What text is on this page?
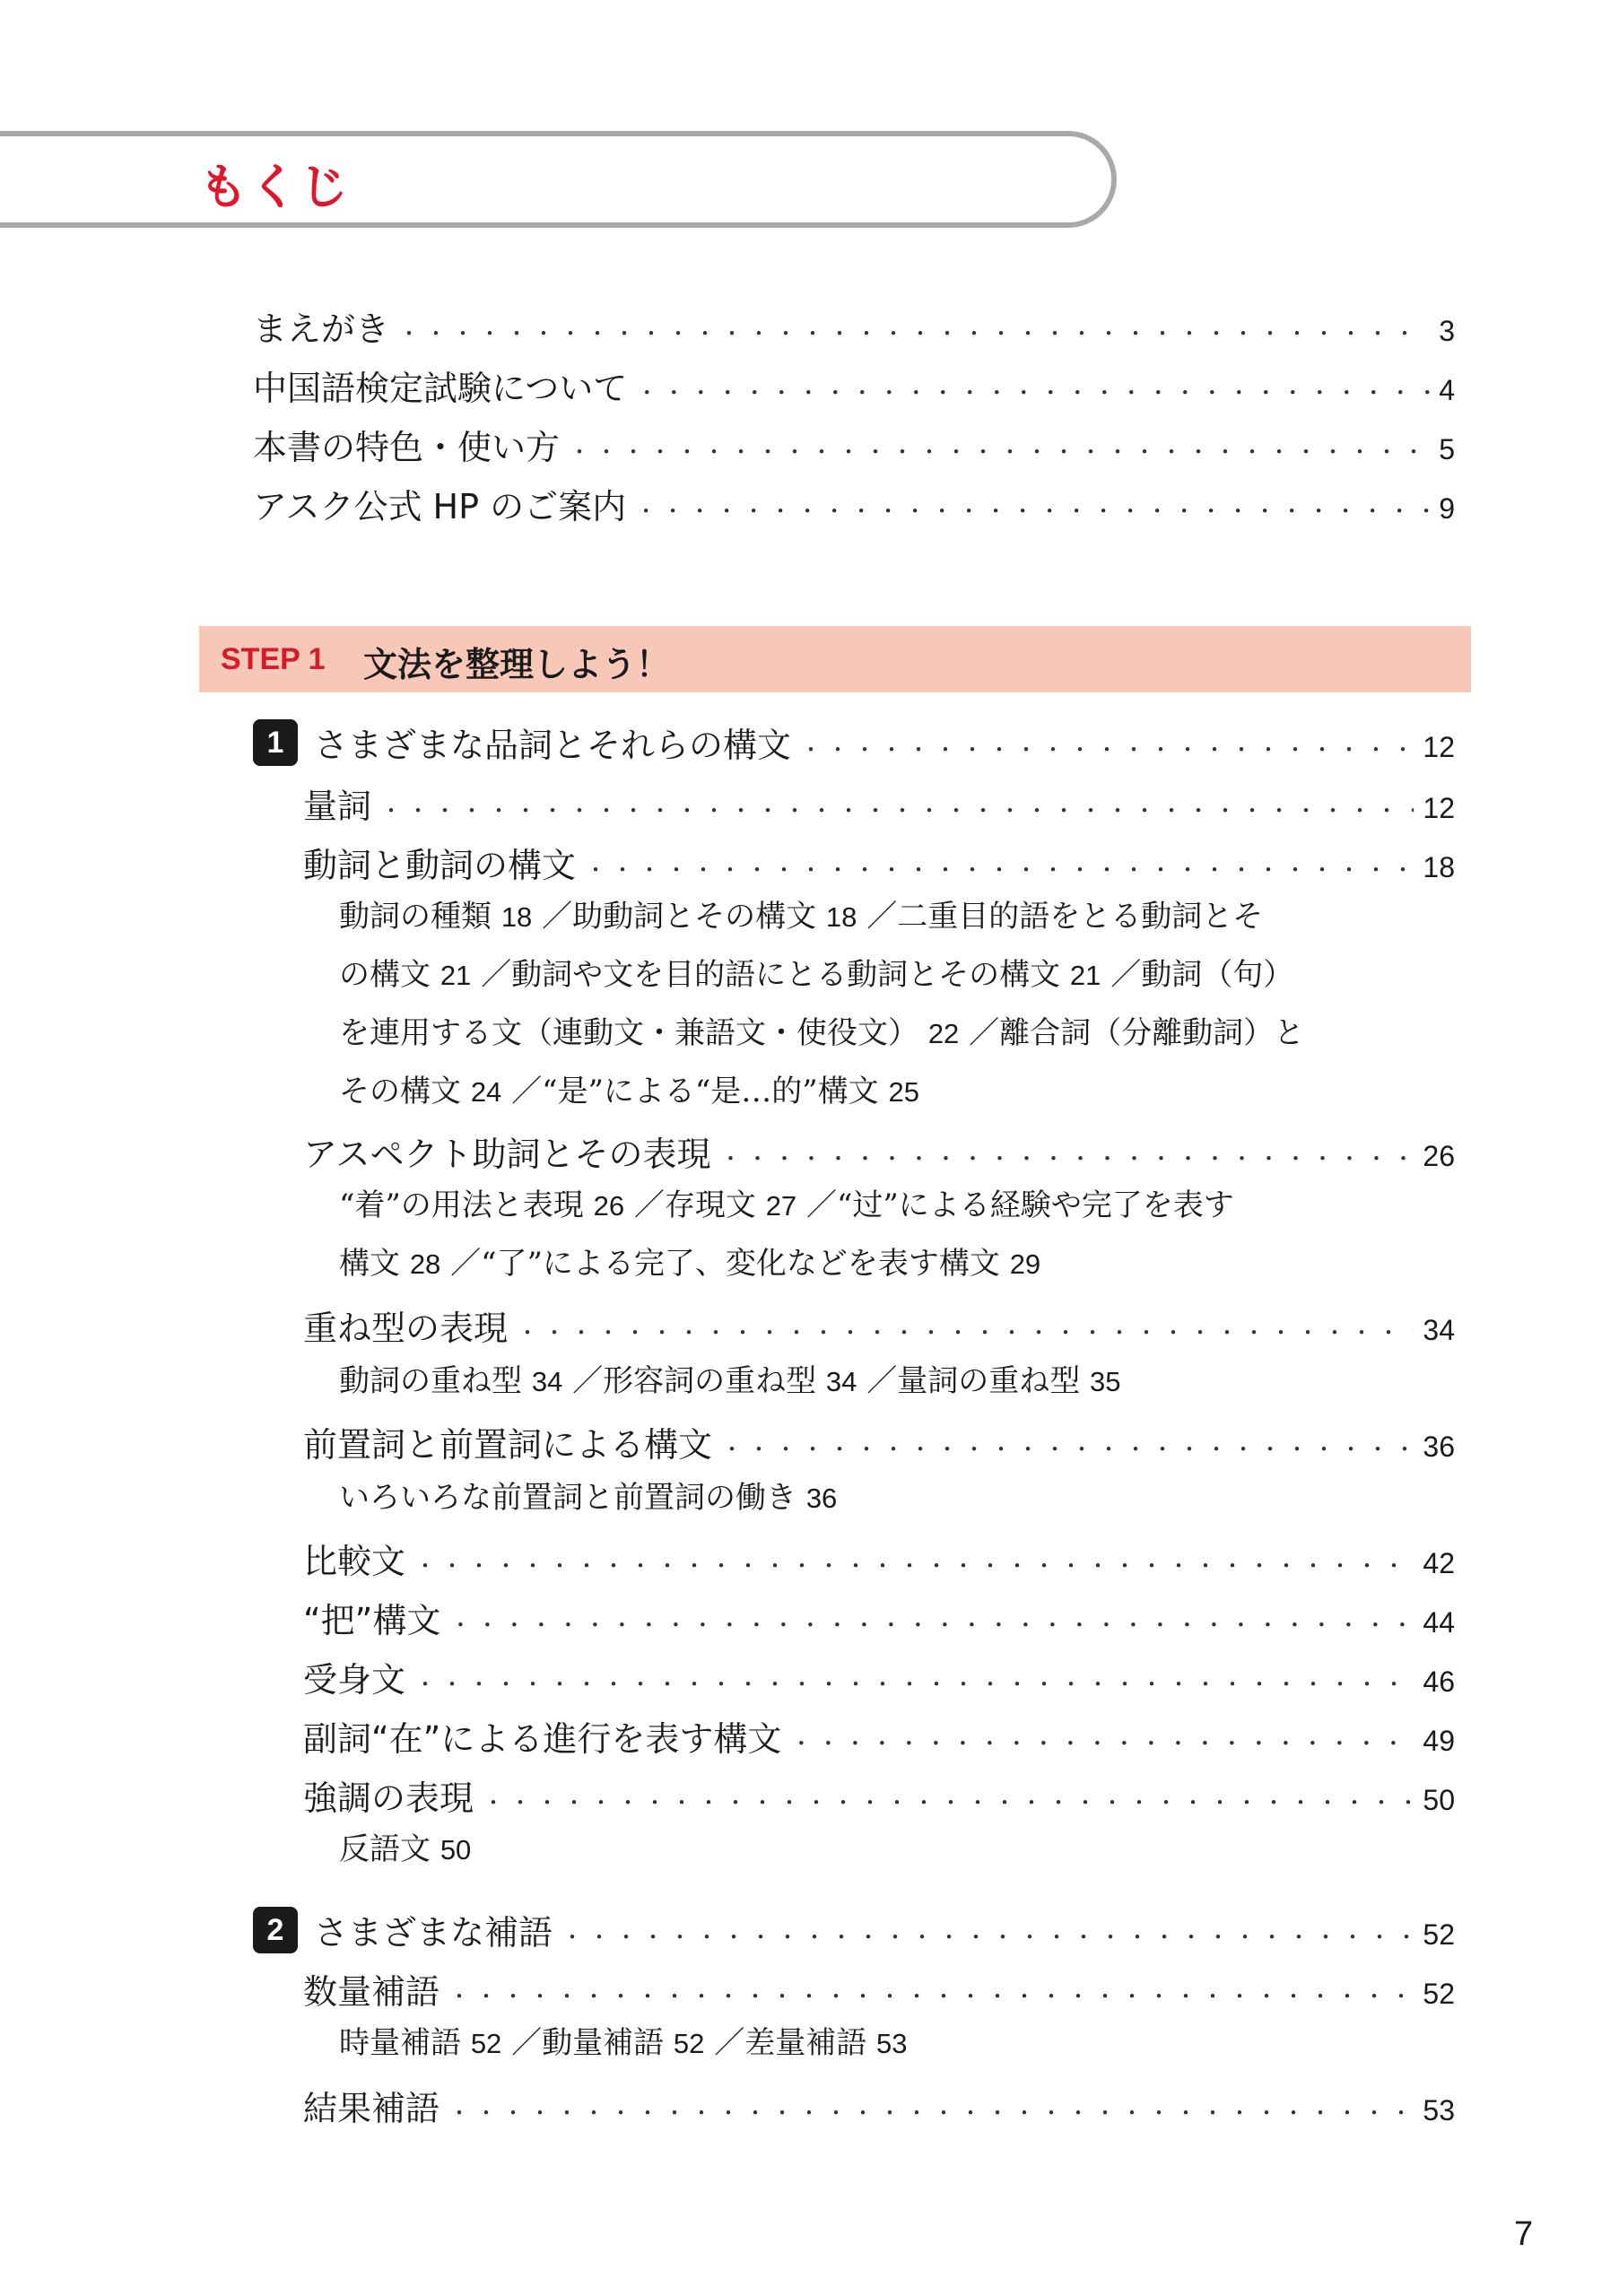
もくじ
まえがき ・・・・・・・・・・・・・・・・・・・・・・・・・・・・・・・・・・・・・・・・・・・・・・・・・・・・・・・・・・・・・・・・・・・・・・・・・・・・・・・・・	3
中国語検定試験について ・・・・・・・・・・・・・・・・・・・・・・・・・・・・・・・・・・・・・・・・・・・・・・・・・・・・・・・・・・・・・・・・・・・・・・・・・・・・・・・・・	4
本書の特色・使い方 ・・・・・・・・・・・・・・・・・・・・・・・・・・・・・・・・・・・・・・・・・・・・・・・・・・・・・・・・・・・・・・・・・・・・・・・・・・・・・・・・・	5
アスク公式 HP のご案内 ・・・・・・・・・・・・・・・・・・・・・・・・・・・・・・・・・・・・・・・・・・・・・・・・・・・・・・・・・・・・・・・・・・・・・・・・・・・・・・・・・	9
STEP 1 文法を整理しよう！
1 さまざまな品詞とそれらの構文 ・・・・・・・・・・・・・・・・・・・・・・・・・・・・・・・・・・・・・・・・・・・・・・・・・・・・・・・・・・・・・・・・・・・・・・・・・・・・・・・・・	12
量詞 ・・・・・・・・・・・・・・・・・・・・・・・・・・・・・・・・・・・・・・・・・・・・・・・・・・・・・・・・・・・・・・・・・・・・・・・・・・・・・・・・・	12
動詞と動詞の構文 ・・・・・・・・・・・・・・・・・・・・・・・・・・・・・・・・・・・・・・・・・・・・・・・・・・・・・・・・・・・・・・・・・・・・・・・・・・・・・・・・・	18
動詞の種類 18 ／助動詞とその構文 18 ／二重目的語をとる動詞とそ
の構文 21 ／動詞や文を目的語にとる動詞とその構文 21 ／動詞（句）
を連用する文（連動文・兼語文・使役文） 22 ／離合詞（分離動詞）と
その構文 24 ／“是”による“是…的”構文 25
アスペクト助詞とその表現 ・・・・・・・・・・・・・・・・・・・・・・・・・・・・・・・・・・・・・・・・・・・・・・・・・・・・・・・・・・・・・・・・・・・・・・・・・・・・・・・・・	26
“着”の用法と表現 26 ／存現文 27 ／“过”による経験や完了を表す
構文 28 ／“了”による完了、変化などを表す構文 29
重ね型の表現 ・・・・・・・・・・・・・・・・・・・・・・・・・・・・・・・・・・・・・・・・・・・・・・・・・・・・・・・・・・・・・・・・・・・・・・・・・・・・・・・・・	34
動詞の重ね型 34 ／形容詞の重ね型 34 ／量詞の重ね型 35
前置詞と前置詞による構文 ・・・・・・・・・・・・・・・・・・・・・・・・・・・・・・・・・・・・・・・・・・・・・・・・・・・・・・・・・・・・・・・・・・・・・・・・・・・・・・・・・	36
いろいろな前置詞と前置詞の働き 36
比較文 ・・・・・・・・・・・・・・・・・・・・・・・・・・・・・・・・・・・・・・・・・・・・・・・・・・・・・・・・・・・・・・・・・・・・・・・・・・・・・・・・・	42
“把”構文 ・・・・・・・・・・・・・・・・・・・・・・・・・・・・・・・・・・・・・・・・・・・・・・・・・・・・・・・・・・・・・・・・・・・・・・・・・・・・・・・・・	44
受身文 ・・・・・・・・・・・・・・・・・・・・・・・・・・・・・・・・・・・・・・・・・・・・・・・・・・・・・・・・・・・・・・・・・・・・・・・・・・・・・・・・・	46
副詞“在”による進行を表す構文 ・・・・・・・・・・・・・・・・・・・・・・・・・・・・・・・・・・・・・・・・・・・・・・・・・・・・・・・・・・・・・・・・・・・・・・・・・・・・・・・・・	49
強調の表現 ・・・・・・・・・・・・・・・・・・・・・・・・・・・・・・・・・・・・・・・・・・・・・・・・・・・・・・・・・・・・・・・・・・・・・・・・・・・・・・・・・	50
反語文 50
2 さまざまな補語 ・・・・・・・・・・・・・・・・・・・・・・・・・・・・・・・・・・・・・・・・・・・・・・・・・・・・・・・・・・・・・・・・・・・・・・・・・・・・・・・・・	52
数量補語 ・・・・・・・・・・・・・・・・・・・・・・・・・・・・・・・・・・・・・・・・・・・・・・・・・・・・・・・・・・・・・・・・・・・・・・・・・・・・・・・・・	52
時量補語 52 ／動量補語 52 ／差量補語 53
結果補語 ・・・・・・・・・・・・・・・・・・・・・・・・・・・・・・・・・・・・・・・・・・・・・・・・・・・・・・・・・・・・・・・・・・・・・・・・・・・・・・・・・	53
7
